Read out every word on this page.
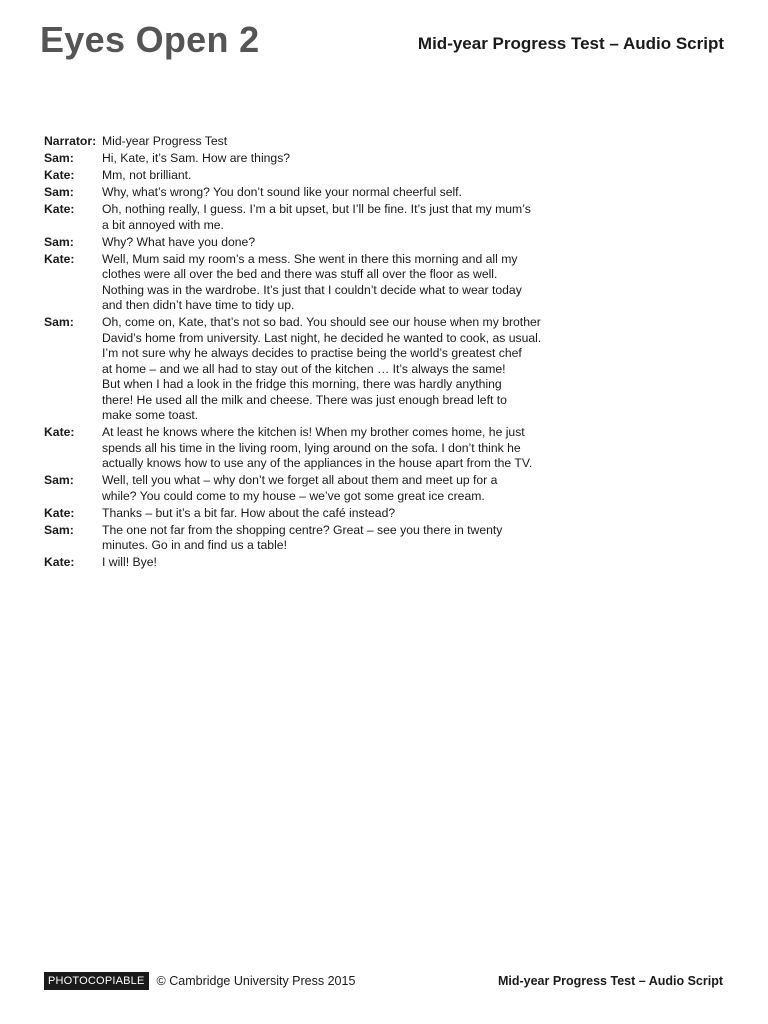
Eyes Open 2	Mid-year Progress Test – Audio Script
Narrator: Mid-year Progress Test
Sam:	Hi, Kate, it’s Sam. How are things?
Kate:	Mm, not brilliant.
Sam:	Why, what’s wrong? You don’t sound like your normal cheerful self.
Kate:	Oh, nothing really, I guess. I’m a bit upset, but I’ll be fine. It’s just that my mum’s
a bit annoyed with me.
Sam:	Why? What have you done?
Kate:	Well, Mum said my room’s a mess. She went in there this morning and all my
clothes were all over the bed and there was stuff all over the floor as well.
Nothing was in the wardrobe. It’s just that I couldn’t decide what to wear today
and then didn’t have time to tidy up.
Sam:	Oh, come on, Kate, that’s not so bad. You should see our house when my brother
David’s home from university. Last night, he decided he wanted to cook, as usual.
I’m not sure why he always decides to practise being the world’s greatest chef
at home – and we all had to stay out of the kitchen … It’s always the same!
But when I had a look in the fridge this morning, there was hardly anything
there! He used all the milk and cheese. There was just enough bread left to
make some toast.
Kate:	At least he knows where the kitchen is! When my brother comes home, he just
spends all his time in the living room, lying around on the sofa. I don’t think he
actually knows how to use any of the appliances in the house apart from the TV.
Sam:	Well, tell you what – why don’t we forget all about them and meet up for a
while? You could come to my house – we’ve got some great ice cream.
Kate:	Thanks – but it’s a bit far. How about the café instead?
Sam:	The one not far from the shopping centre? Great – see you there in twenty
minutes. Go in and find us a table!
Kate:	I will! Bye!
PHOTOCOPIABLE © Cambridge University Press 2015	Mid-year Progress Test – Audio Script
